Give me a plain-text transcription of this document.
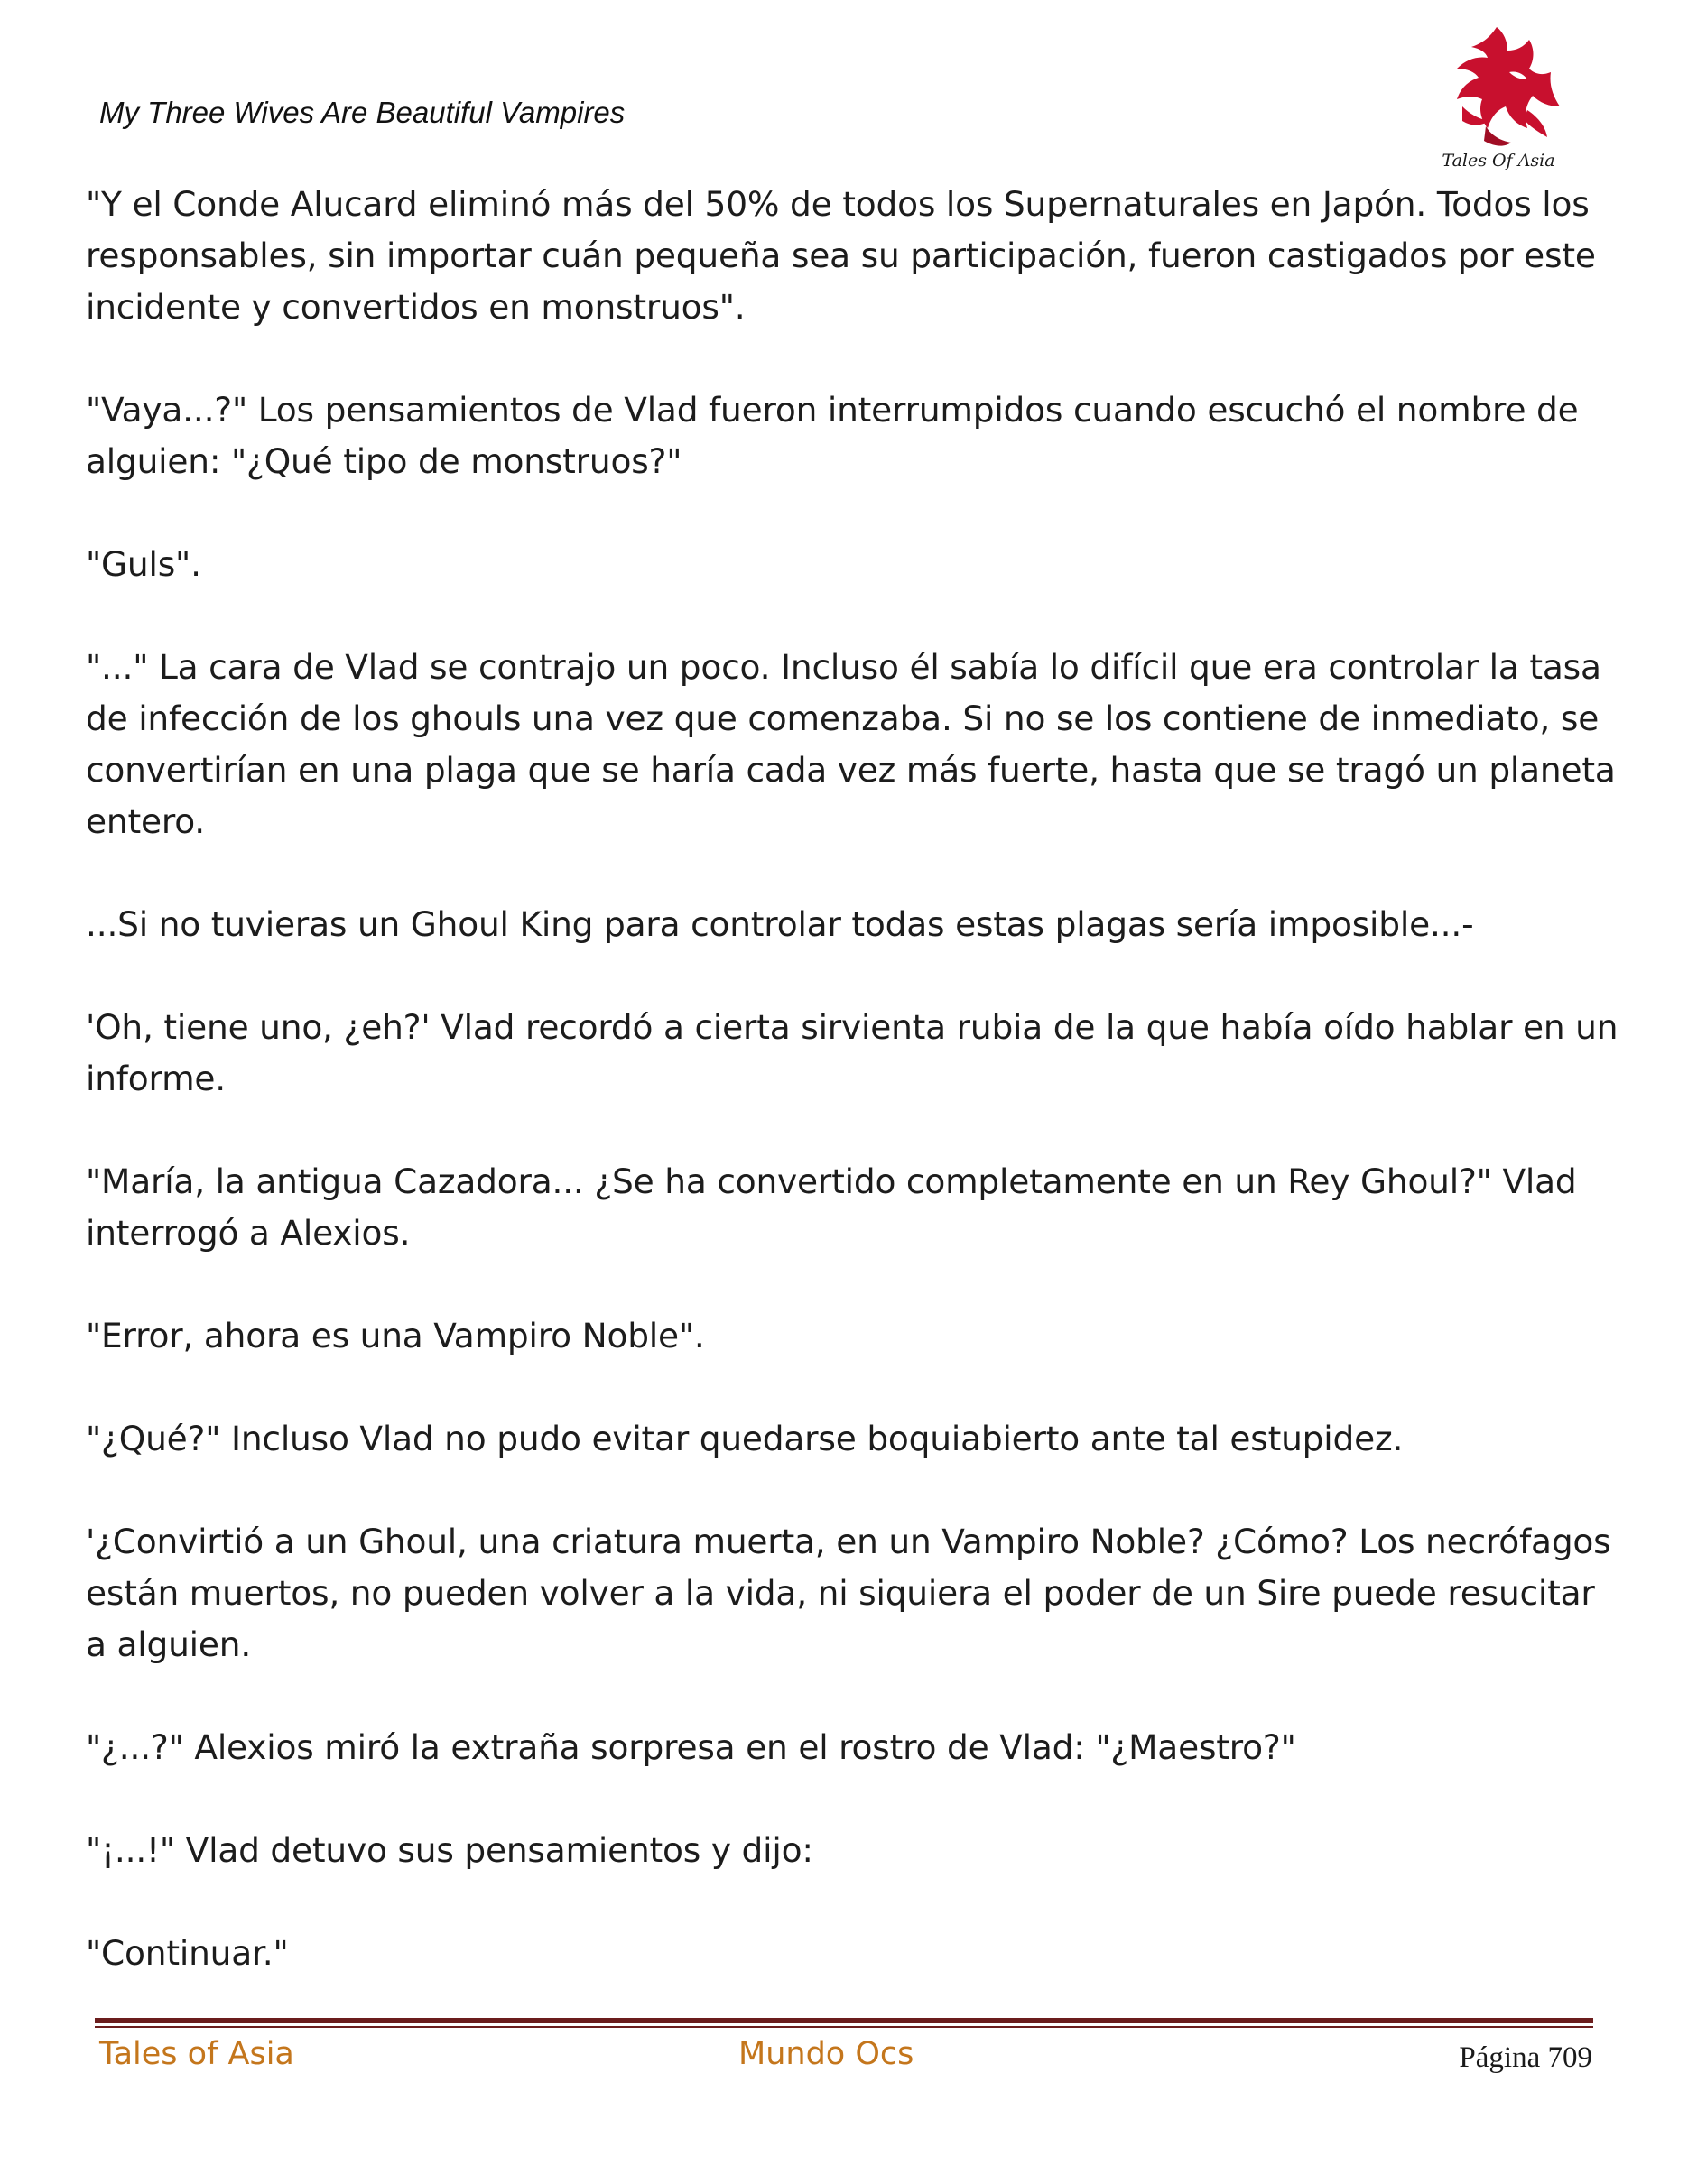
My Three Wives Are Beautiful Vampires
Tales Of Asia

"Y el Conde Alucard eliminó más del 50% de todos los Supernaturales en Japón. Todos los responsables, sin importar cuán pequeña sea su participación, fueron castigados por este incidente y convertidos en monstruos".

"Vaya...?" Los pensamientos de Vlad fueron interrumpidos cuando escuchó el nombre de alguien: "¿Qué tipo de monstruos?"

"Guls".

"..." La cara de Vlad se contrajo un poco. Incluso él sabía lo difícil que era controlar la tasa de infección de los ghouls una vez que comenzaba. Si no se los contiene de inmediato, se convertirían en una plaga que se haría cada vez más fuerte, hasta que se tragó un planeta entero.

...Si no tuvieras un Ghoul King para controlar todas estas plagas sería imposible...-

'Oh, tiene uno, ¿eh?' Vlad recordó a cierta sirvienta rubia de la que había oído hablar en un informe.

"María, la antigua Cazadora... ¿Se ha convertido completamente en un Rey Ghoul?" Vlad interrogó a Alexios.

"Error, ahora es una Vampiro Noble".

"¿Qué?" Incluso Vlad no pudo evitar quedarse boquiabierto ante tal estupidez.

'¿Convirtió a un Ghoul, una criatura muerta, en un Vampiro Noble? ¿Cómo? Los necrófagos están muertos, no pueden volver a la vida, ni siquiera el poder de un Sire puede resucitar a alguien.

"¿...?" Alexios miró la extraña sorpresa en el rostro de Vlad: "¿Maestro?"

"¡...!" Vlad detuvo sus pensamientos y dijo:

"Continuar."

Tales of Asia	Mundo Ocs	Página 709
